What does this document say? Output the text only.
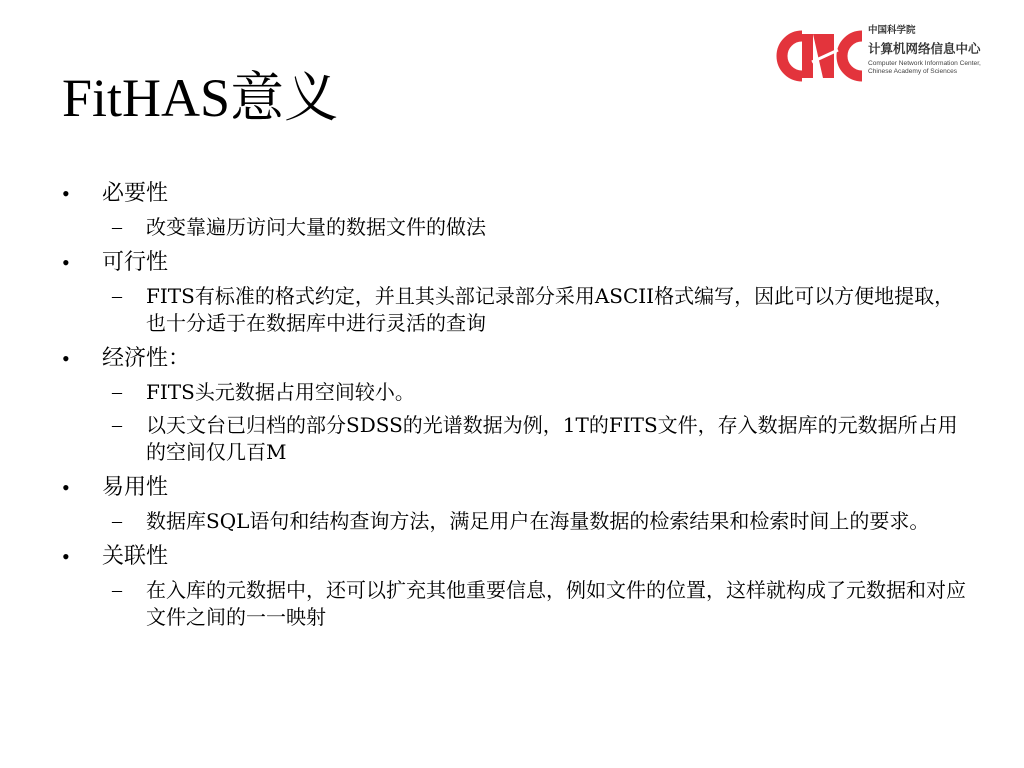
FitHAS意义
中国科学院
计算机网络信息中心
Computer Network Information Center,
Chinese Academy of Sciences
• 必要性
– 改变靠遍历访问大量的数据文件的做法
• 可行性
– FITS有标准的格式约定，并且其头部记录部分采用ASCII格式编写，因此可以方便地提取，也十分适于在数据库中进行灵活的查询
• 经济性：
– FITS头元数据占用空间较小。
– 以天文台已归档的部分SDSS的光谱数据为例，1T的FITS文件，存入数据库的元数据所占用的空间仅几百M
• 易用性
– 数据库SQL语句和结构查询方法，满足用户在海量数据的检索结果和检索时间上的要求。
• 关联性
– 在入库的元数据中，还可以扩充其他重要信息，例如文件的位置，这样就构成了元数据和对应文件之间的一一映射
